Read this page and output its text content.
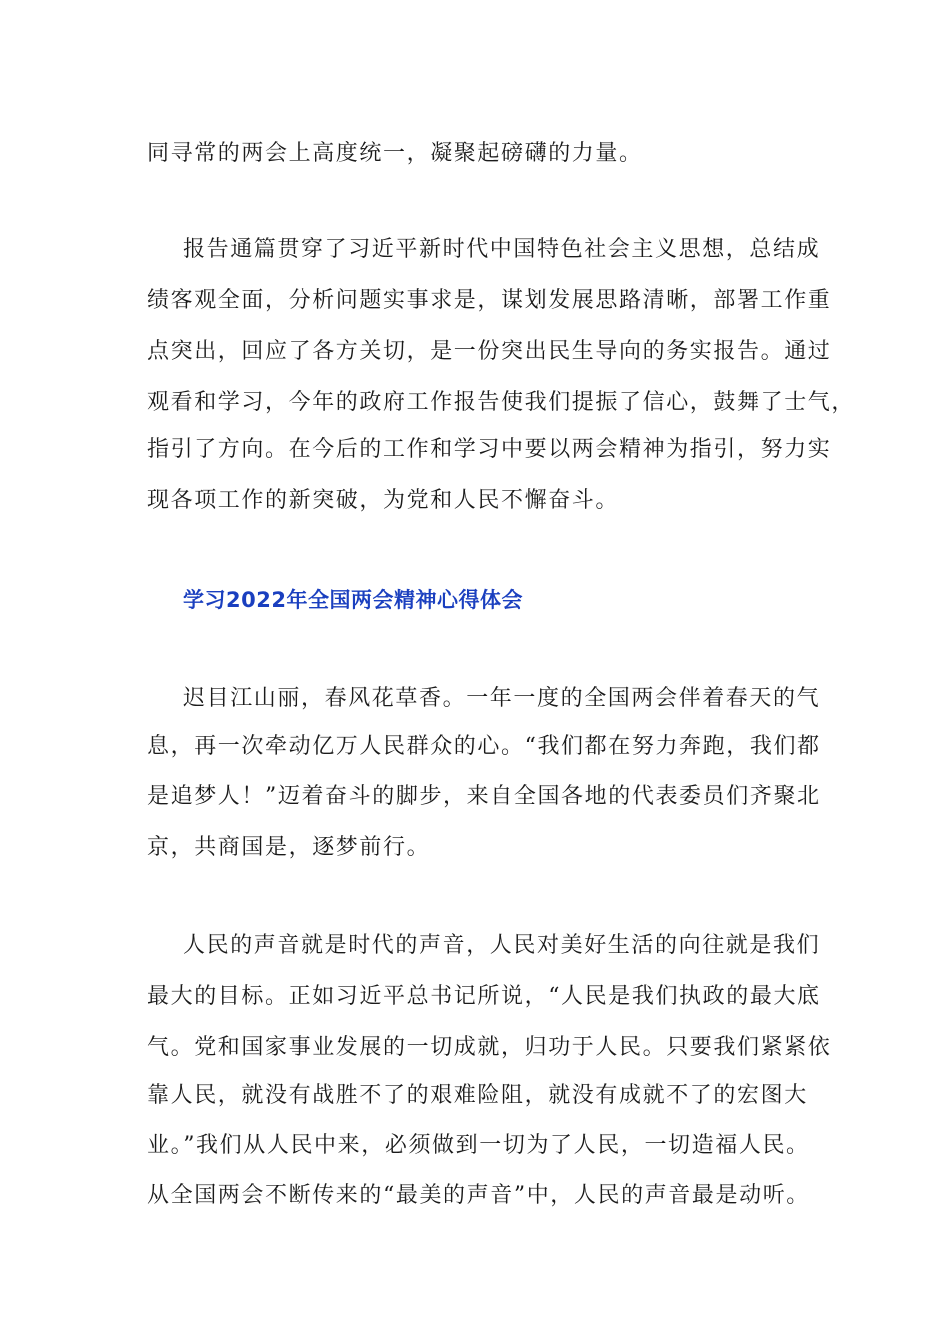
同寻常的两会上高度统一，凝聚起磅礴的力量。
报告通篇贯穿了习近平新时代中国特色社会主义思想，总结成
绩客观全面，分析问题实事求是，谋划发展思路清晰，部署工作重
点突出，回应了各方关切，是一份突出民生导向的务实报告。通过
观看和学习，今年的政府工作报告使我们提振了信心，鼓舞了士气，
指引了方向。在今后的工作和学习中要以两会精神为指引，努力实
现各项工作的新突破，为党和人民不懈奋斗。
学习2022年全国两会精神心得体会
迟目江山丽，春风花草香。一年一度的全国两会伴着春天的气
息，再一次牵动亿万人民群众的心。“我们都在努力奔跑，我们都
是追梦人！”迈着奋斗的脚步，来自全国各地的代表委员们齐聚北
京，共商国是，逐梦前行。
人民的声音就是时代的声音，人民对美好生活的向往就是我们
最大的目标。正如习近平总书记所说，“人民是我们执政的最大底
气。党和国家事业发展的一切成就，归功于人民。只要我们紧紧依
靠人民，就没有战胜不了的艰难险阻，就没有成就不了的宏图大
业。”我们从人民中来，必须做到一切为了人民，一切造福人民。
从全国两会不断传来的“最美的声音”中，人民的声音最是动听。
